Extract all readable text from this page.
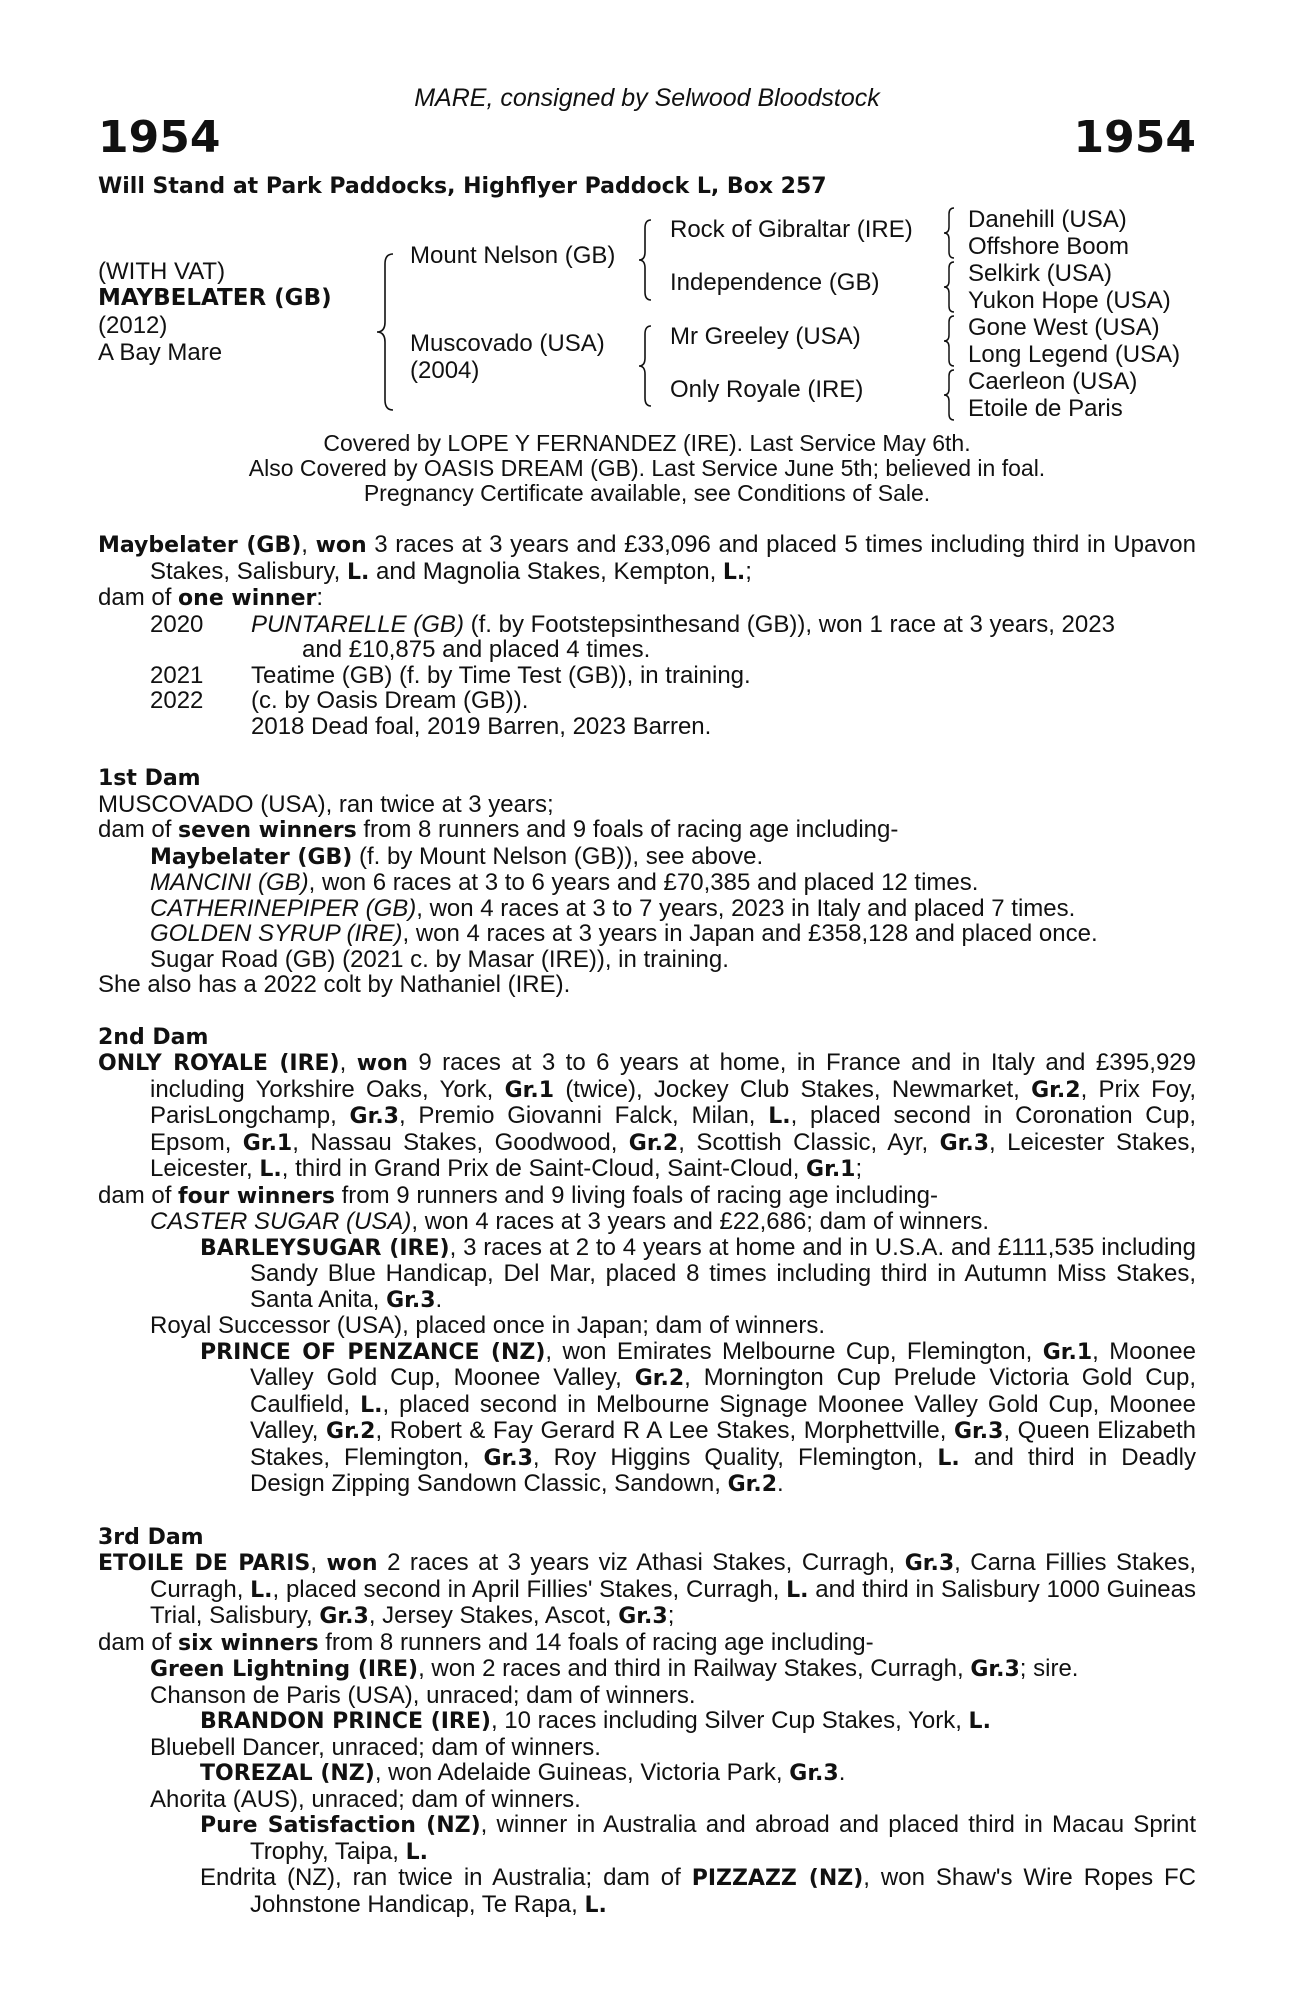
MARE, consigned by Selwood Bloodstock
1954	1954
Will Stand at Park Paddocks, Highflyer Paddock L, Box 257
(WITH VAT)
MAYBELATER (GB)
(2012)
A Bay Mare
Mount Nelson (GB)
Muscovado (USA)
(2004)
Rock of Gibraltar (IRE)
Independence (GB)
Mr Greeley (USA)
Only Royale (IRE)
Danehill (USA)
Offshore Boom
Selkirk (USA)
Yukon Hope (USA)
Gone West (USA)
Long Legend (USA)
Caerleon (USA)
Etoile de Paris
Covered by LOPE Y FERNANDEZ (IRE). Last Service May 6th.
Also Covered by OASIS DREAM (GB). Last Service June 5th; believed in foal.
Pregnancy Certificate available, see Conditions of Sale.

Maybelater (GB), won 3 races at 3 years and £33,096 and placed 5 times including third in Upavon Stakes, Salisbury, L. and Magnolia Stakes, Kempton, L.;

dam of one winner:

2020	PUNTARELLE (GB) (f. by Footstepsinthesand (GB)), won 1 race at 3 years, 2023

and £10,875 and placed 4 times.

2021	Teatime (GB) (f. by Time Test (GB)), in training.
2022	(c. by Oasis Dream (GB)).

2018 Dead foal, 2019 Barren, 2023 Barren.

1st Dam

MUSCOVADO (USA), ran twice at 3 years;

dam of seven winners from 8 runners and 9 foals of racing age including-

Maybelater (GB) (f. by Mount Nelson (GB)), see above.

MANCINI (GB), won 6 races at 3 to 6 years and £70,385 and placed 12 times.

CATHERINEPIPER (GB), won 4 races at 3 to 7 years, 2023 in Italy and placed 7 times.

GOLDEN SYRUP (IRE), won 4 races at 3 years in Japan and £358,128 and placed once.

Sugar Road (GB) (2021 c. by Masar (IRE)), in training.

She also has a 2022 colt by Nathaniel (IRE).

2nd Dam

ONLY ROYALE (IRE), won 9 races at 3 to 6 years at home, in France and in Italy and £395,929 including Yorkshire Oaks, York, Gr.1 (twice), Jockey Club Stakes, Newmarket, Gr.2, Prix Foy, ParisLongchamp, Gr.3, Premio Giovanni Falck, Milan, L., placed second in Coronation Cup, Epsom, Gr.1, Nassau Stakes, Goodwood, Gr.2, Scottish Classic, Ayr, Gr.3, Leicester Stakes, Leicester, L., third in Grand Prix de Saint-Cloud, Saint-Cloud, Gr.1;

dam of four winners from 9 runners and 9 living foals of racing age including-

CASTER SUGAR (USA), won 4 races at 3 years and £22,686; dam of winners.

BARLEYSUGAR (IRE), 3 races at 2 to 4 years at home and in U.S.A. and £111,535 including Sandy Blue Handicap, Del Mar, placed 8 times including third in Autumn Miss Stakes, Santa Anita, Gr.3.

Royal Successor (USA), placed once in Japan; dam of winners.

PRINCE OF PENZANCE (NZ), won Emirates Melbourne Cup, Flemington, Gr.1, Moonee Valley Gold Cup, Moonee Valley, Gr.2, Mornington Cup Prelude Victoria Gold Cup, Caulfield, L., placed second in Melbourne Signage Moonee Valley Gold Cup, Moonee Valley, Gr.2, Robert & Fay Gerard R A Lee Stakes, Morphettville, Gr.3, Queen Elizabeth Stakes, Flemington, Gr.3, Roy Higgins Quality, Flemington, L. and third in Deadly Design Zipping Sandown Classic, Sandown, Gr.2.

3rd Dam

ETOILE DE PARIS, won 2 races at 3 years viz Athasi Stakes, Curragh, Gr.3, Carna Fillies Stakes, Curragh, L., placed second in April Fillies' Stakes, Curragh, L. and third in Salisbury 1000 Guineas Trial, Salisbury, Gr.3, Jersey Stakes, Ascot, Gr.3;

dam of six winners from 8 runners and 14 foals of racing age including-

Green Lightning (IRE), won 2 races and third in Railway Stakes, Curragh, Gr.3; sire.

Chanson de Paris (USA), unraced; dam of winners.

BRANDON PRINCE (IRE), 10 races including Silver Cup Stakes, York, L.

Bluebell Dancer, unraced; dam of winners.

TOREZAL (NZ), won Adelaide Guineas, Victoria Park, Gr.3.

Ahorita (AUS), unraced; dam of winners.

Pure Satisfaction (NZ), winner in Australia and abroad and placed third in Macau Sprint Trophy, Taipa, L.

Endrita (NZ), ran twice in Australia; dam of PIZZAZZ (NZ), won Shaw's Wire Ropes FC Johnstone Handicap, Te Rapa, L.
